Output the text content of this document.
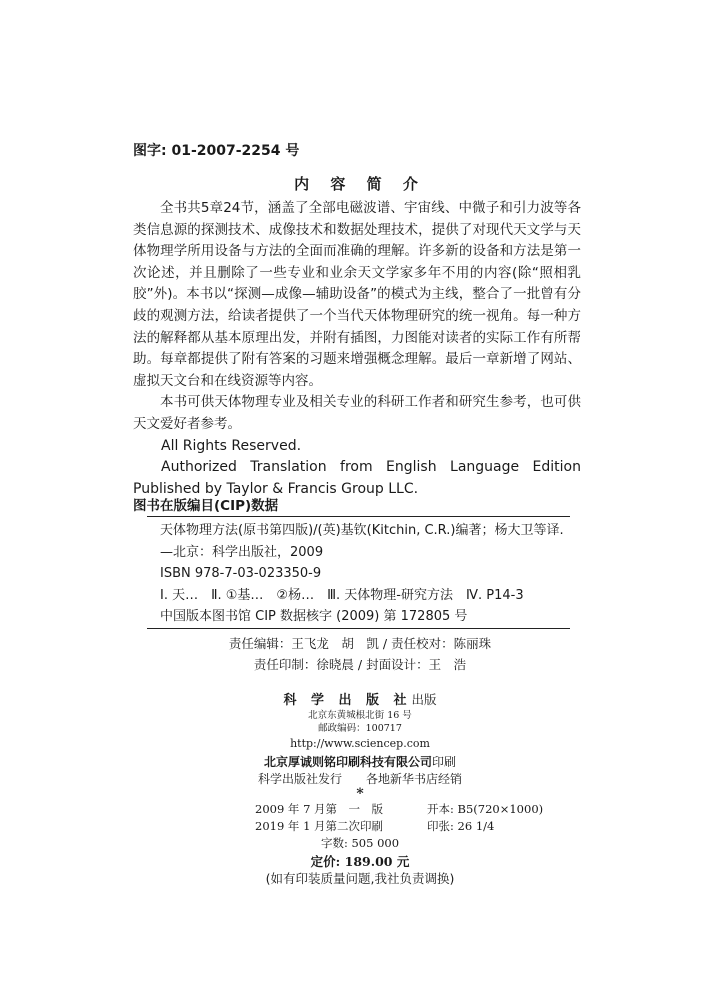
图字: 01-2007-2254 号
内 容 简 介

全书共5章24节，涵盖了全部电磁波谱、宇宙线、中微子和引力波等各类信息源的探测技术、成像技术和数据处理技术，提供了对现代天文学与天体物理学所用设备与方法的全面而准确的理解。许多新的设备和方法是第一次论述，并且删除了一些专业和业余天文学家多年不用的内容(除“照相乳胶”外)。本书以“探测—成像—辅助设备”的模式为主线，整合了一批曾有分歧的观测方法，给读者提供了一个当代天体物理研究的统一视角。每一种方法的解释都从基本原理出发，并附有插图，力图能对读者的实际工作有所帮助。每章都提供了附有答案的习题来增强概念理解。最后一章新增了网站、虚拟天文台和在线资源等内容。

本书可供天体物理专业及相关专业的科研工作者和研究生参考，也可供天文爱好者参考。

All Rights Reserved.

Authorized Translation from English Language Edition Published by Taylor & Francis Group LLC.

图书在版编目(CIP)数据
天体物理方法(原书第四版)/(英)基钦(Kitchin, C.R.)编著；杨大卫等译.
—北京：科学出版社，2009
ISBN 978-7-03-023350-9
Ⅰ. 天…　Ⅱ. ①基…　②杨…　Ⅲ. 天体物理-研究方法　Ⅳ. P14-3
中国版本图书馆 CIP 数据核字 (2009) 第 172805 号
责任编辑：王飞龙　胡　凯 / 责任校对：陈丽珠
责任印制：徐晓晨 / 封面设计：王　浩
科 学 出 版 社出版
北京东黄城根北街 16 号
邮政编码：100717
http://www.sciencep.com
北京厚诚则铭印刷科技有限公司印刷
科学出版社发行　　 各地新华书店经销
*
2009 年 7 月第　一　版	开本: B5(720×1000)
2019 年 1 月第二次印刷	印张: 26 1/4
字数: 505 000
定价: 189.00 元
(如有印装质量问题,我社负责调换)
